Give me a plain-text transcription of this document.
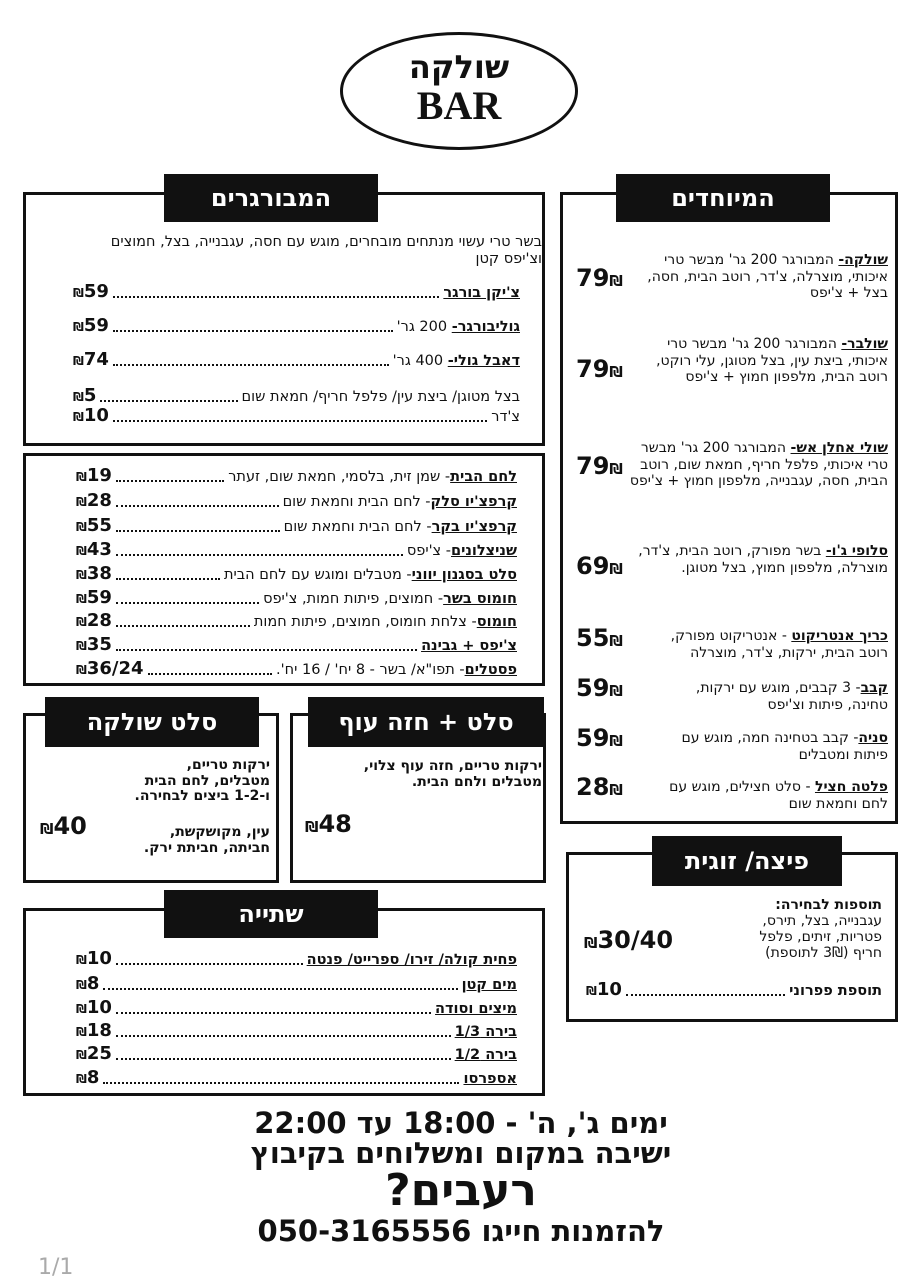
שולקה
BAR
המיוחדים
79₪
שולקה- המבורגר 200 גר' מבשר טרי איכותי, מוצרלה, צ'דר, רוטב הבית, חסה, בצל + צ'יפס
79₪
שולבר- המבורגר 200 גר' מבשר טרי איכותי, ביצת עין, בצל מטוגן, עלי רוקט, רוטב הבית, מלפפון חמוץ + צ'יפס
79₪
שולי אחלן אש- המבורגר 200 גר' מבשר טרי איכותי, פלפל חריף, חמאת שום, רוטב הבית, חסה, עגבנייה, מלפפון חמוץ + צ'יפס
69₪
סלופי ג'ו- בשר מפורק, רוטב הבית, צ'דר, מוצרלה, מלפפון חמוץ, בצל מטוגן.
55₪	כריך אנטריקוט - אנטריקוט מפורק, רוטב הבית, ירקות, צ'דר, מוצרלה
59₪	קבב- 3 קבבים, מוגש עם ירקות, טחינה, פיתות וצ'יפס
59₪	סניה- קבב בטחינה חמה, מוגש עם פיתות ומטבלים
28₪	פלטה חציל - סלט חצילים, מוגש עם לחם וחמאת שום
המבורגרים
בשר טרי עשוי מנתחים מובחרים, מוגש עם חסה, עגבנייה, בצל, חמוצים וצ'יפס קטן
₪59	צ'יקן בורגר
₪59	גוליבורגר- 200 גר'
₪74	דאבל גולי- 400 גר'
₪5	בצל מטוגן/ ביצת עין/ פלפל חריף/ חמאת שום
₪10	צ'דר
₪19	לחם הבית- שמן זית, בלסמי, חמאת שום, זעתר
₪28	קרפצ'יו סלק- לחם הבית וחמאת שום
₪55	קרפצ'יו בקר- לחם הבית וחמאת שום
₪43	שניצלונים- צ'יפס
₪38	סלט בסגנון יווני- מטבלים ומוגש עם לחם הבית
₪59	חומוס בשר- חמוצים, פיתות חמות, צ'יפס
₪28	חומוס- צלחת חומוס, חמוצים, פיתות חמות
₪35	צ'יפס + גבינה
₪36/24	פסטלים- תפו"א/ בשר - 8 יח' / 16 יח'.
סלט + חזה עוף
ירקות טריים, חזה עוף צלוי, מטבלים ולחם הבית.
₪48
סלט שולקה
ירקות טריים, מטבלים, לחם הבית ו-1-2 ביצים לבחירה.
עין, מקושקשת, חביתה, חביתת ירק.
₪40
פיצה/ זוגית
תוספות לבחירה:
עגבנייה, בצל, תירס, פטריות, זיתים, פלפל חריף (3₪ לתוספת)
₪30/40
₪10	תוספת פפרוני
₪10	פחית קולה/ זירו/ ספרייט/ פנטה
₪8	מים קטן
₪10	מיצים וסודה
₪18	בירה 1/3
₪25	בירה 1/2
₪8	אספרסו
שתייה
ימים ג', ה' - 18:00 עד 22:00
ישיבה במקום ומשלוחים בקיבוץ
רעבים?
להזמנות חייגו 050-3165556
1/1
